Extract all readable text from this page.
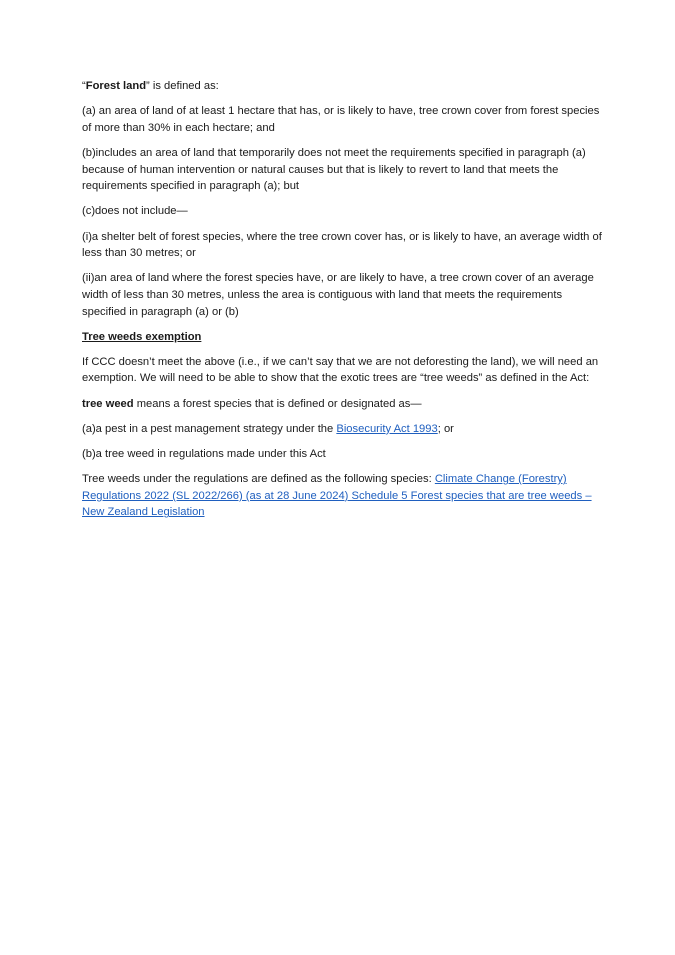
“Forest land” is defined as:

(a) an area of land of at least 1 hectare that has, or is likely to have, tree crown cover from forest species of more than 30% in each hectare; and

(b)includes an area of land that temporarily does not meet the requirements specified in paragraph (a) because of human intervention or natural causes but that is likely to revert to land that meets the requirements specified in paragraph (a); but

(c)does not include—

(i)a shelter belt of forest species, where the tree crown cover has, or is likely to have, an average width of less than 30 metres; or

(ii)an area of land where the forest species have, or are likely to have, a tree crown cover of an average width of less than 30 metres, unless the area is contiguous with land that meets the requirements specified in paragraph (a) or (b)

Tree weeds exemption

If CCC doesn’t meet the above (i.e., if we can’t say that we are not deforesting the land), we will need an exemption. We will need to be able to show that the exotic trees are “tree weeds” as defined in the Act:

tree weed means a forest species that is defined or designated as—

(a)a pest in a pest management strategy under the Biosecurity Act 1993; or

(b)a tree weed in regulations made under this Act

Tree weeds under the regulations are defined as the following species: Climate Change (Forestry) Regulations 2022 (SL 2022/266) (as at 28 June 2024) Schedule 5 Forest species that are tree weeds – New Zealand Legislation
